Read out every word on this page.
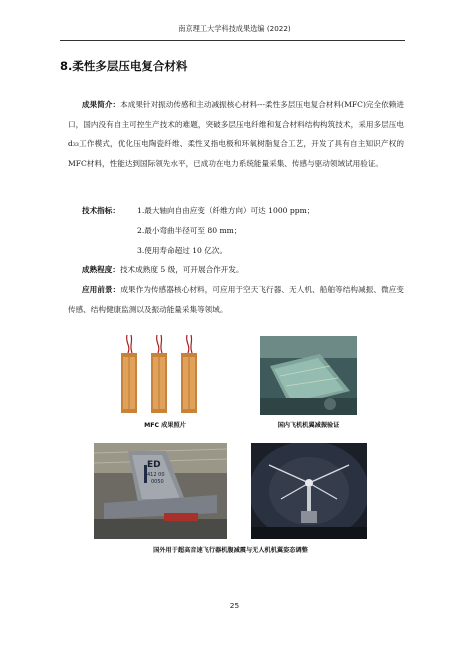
南京理工大学科技成果选编 (2022)
8.柔性多层压电复合材料
成果简介：本成果针对振动传感和主动减振核心材料---柔性多层压电复合材料(MFC)完全依赖进口，国内没有自主可控生产技术的难题，突破多层压电纤维和复合材料结构构筑技术，采用多层压电 d₃₃工作模式，优化压电陶瓷纤维、柔性叉指电极和环氧树脂复合工艺，开发了具有自主知识产权的MFC材料，性能达到国际领先水平，已成功在电力系统能量采集、传感与驱动领域试用验证。
技术指标： 1.最大轴向自由应变（纤维方向）可达 1000 ppm；
2.最小弯曲半径可至 80 mm；
3.使用寿命超过 10 亿次。
成熟程度：技术成熟度 5 级，可开展合作开发。
应用前景：成果作为传感器核心材料，可应用于空天飞行器、无人机、船舶等结构减振、微应变传感、结构健康监测以及振动能量采集等领域。
MFC 成果照片	国内飞机机翼减振验证
ED
412 00
0050
国外用于超高音速飞行器机腹减震与无人机机翼姿态调整
25
